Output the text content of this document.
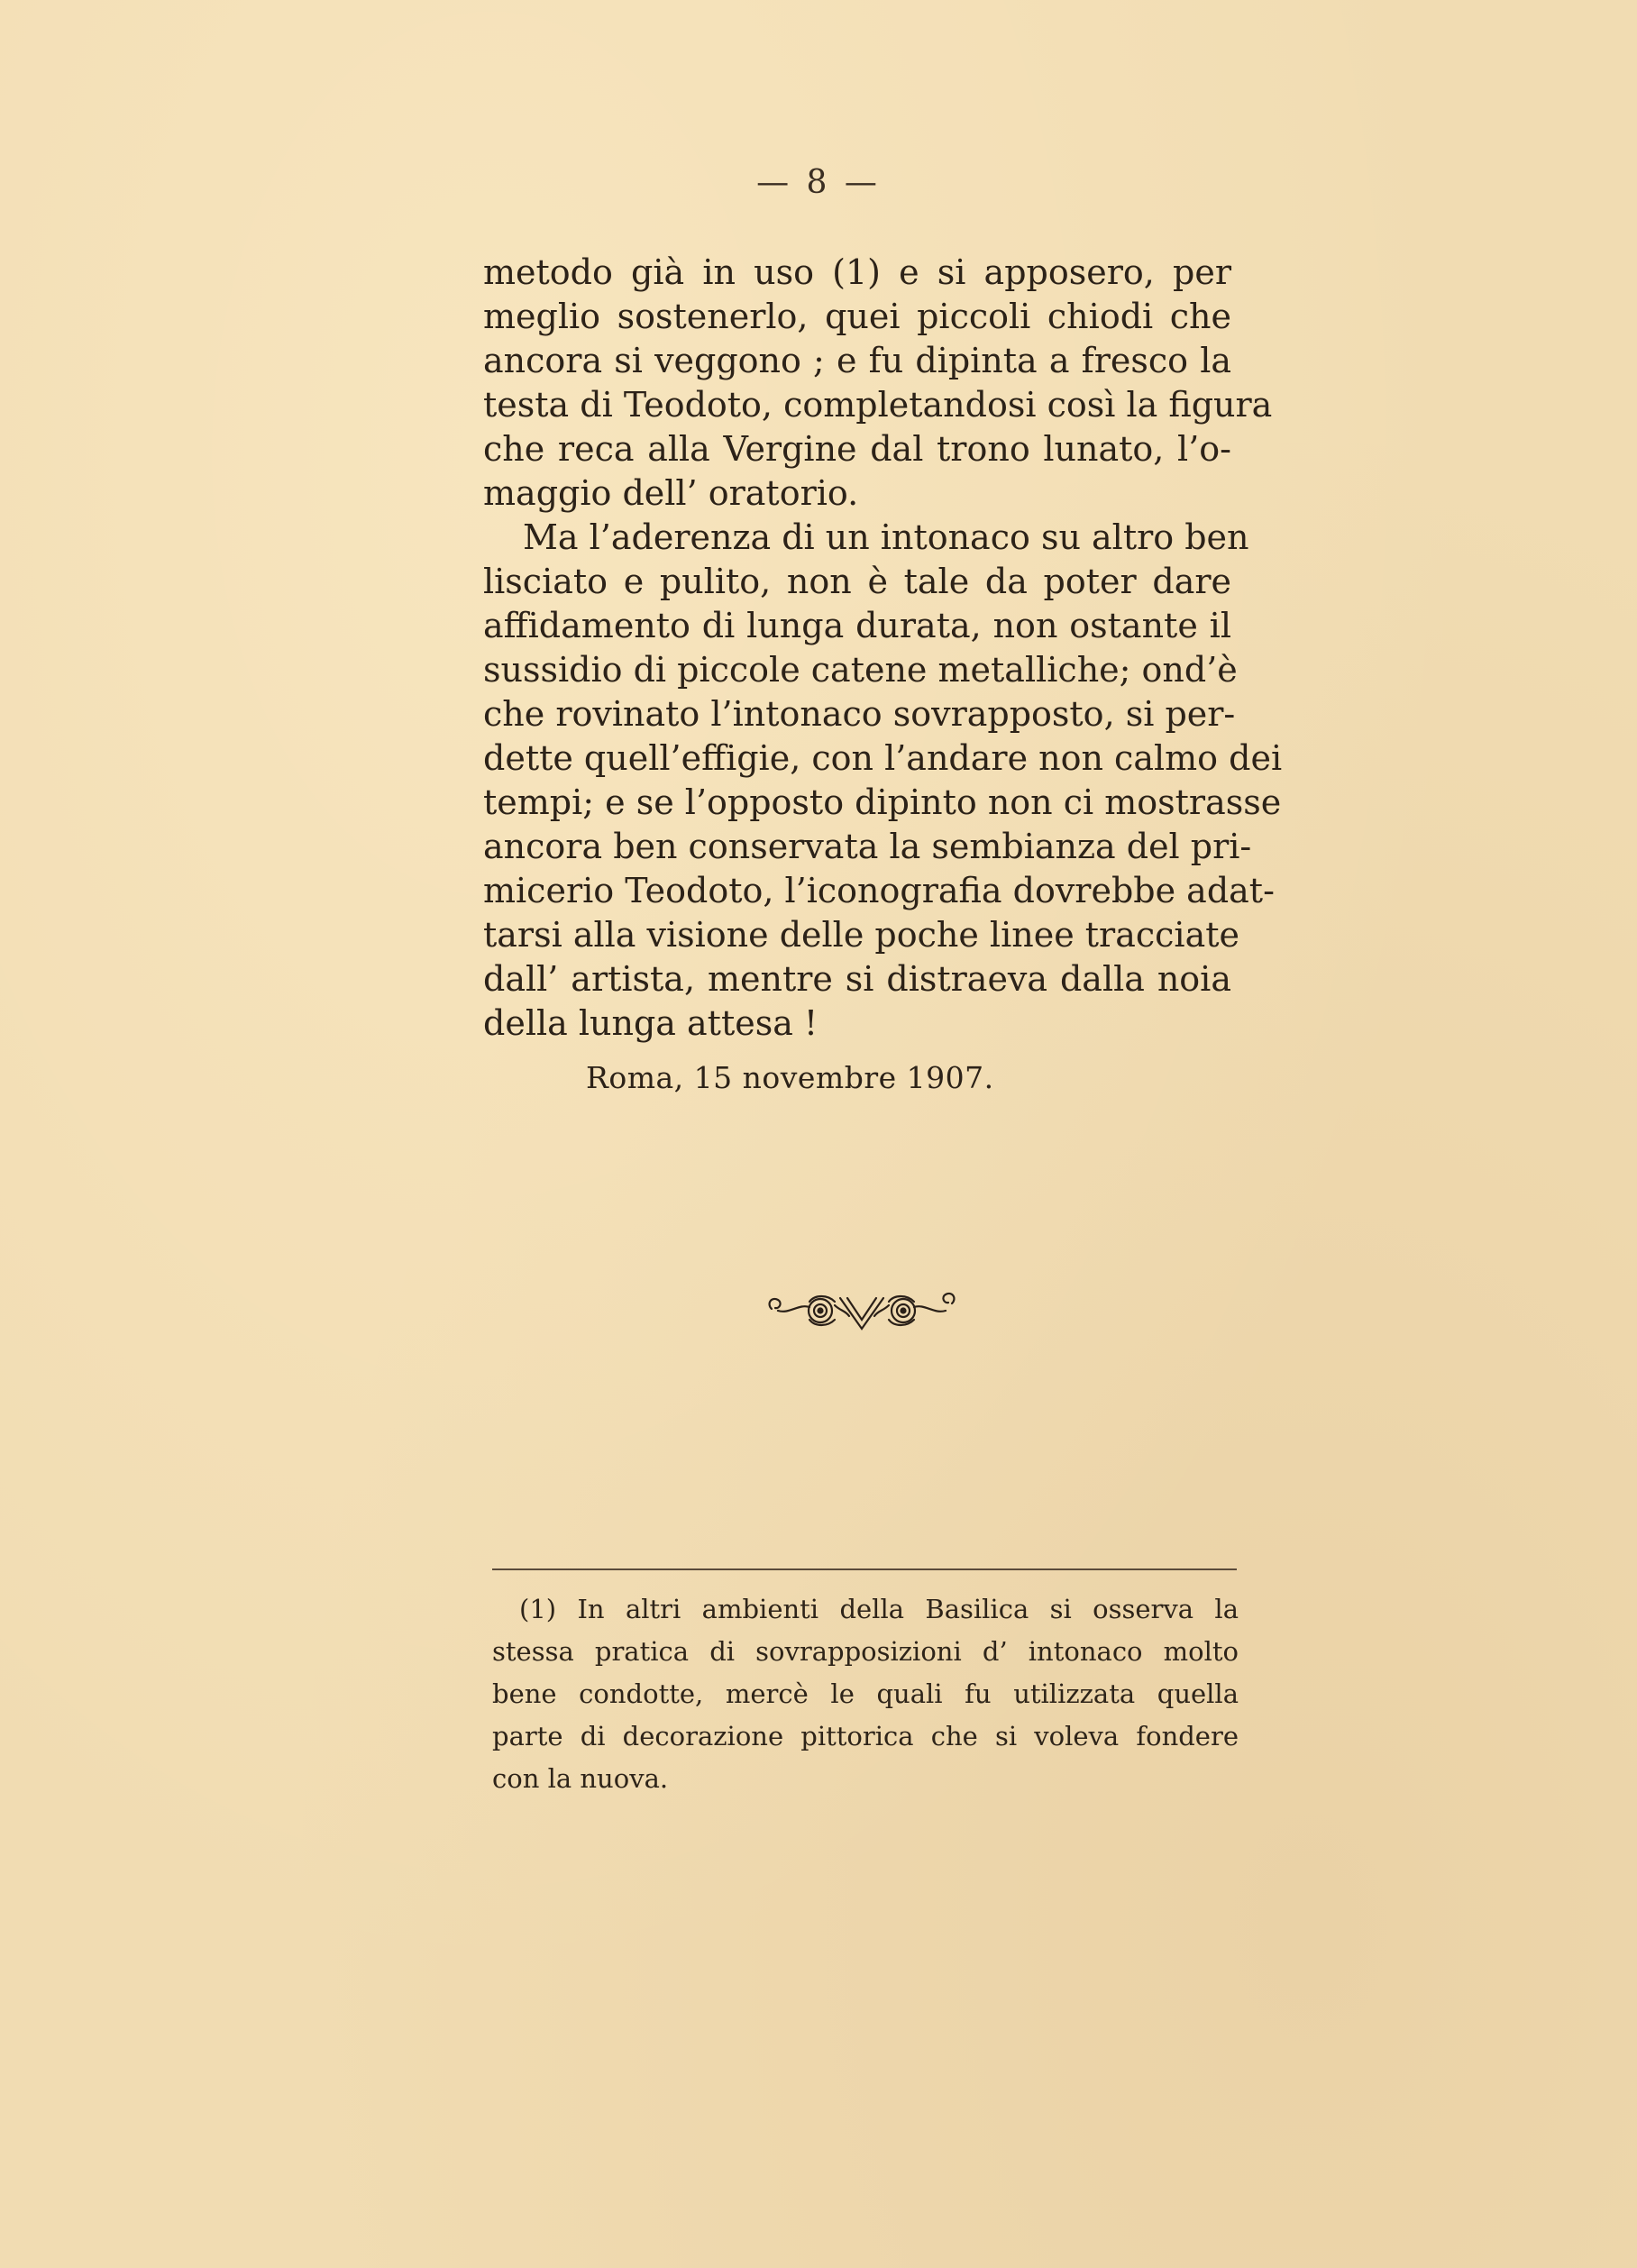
— 8 —
metodo già in uso (1) e si apposero, per
meglio sostenerlo, quei piccoli chiodi che
ancora si veggono ; e fu dipinta a fresco la
testa di Teodoto, completandosi così la figura
che reca alla Vergine dal trono lunato, l’o-
maggio dell’ oratorio.
Ma l’aderenza di un intonaco su altro ben
lisciato e pulito, non è tale da poter dare
affidamento di lunga durata, non ostante il
sussidio di piccole catene metalliche; ond’è
che rovinato l’intonaco sovrapposto, si per-
dette quell’effigie, con l’andare non calmo dei
tempi; e se l’opposto dipinto non ci mostrasse
ancora ben conservata la sembianza del pri-
micerio Teodoto, l’iconografia dovrebbe adat-
tarsi alla visione delle poche linee tracciate
dall’ artista, mentre si distraeva dalla noia
della lunga attesa !
Roma, 15 novembre 1907.
(1) In altri ambienti della Basilica si osserva la
stessa pratica di sovrapposizioni d’ intonaco molto
bene condotte, mercè le quali fu utilizzata quella
parte di decorazione pittorica che si voleva fondere
con la nuova.
